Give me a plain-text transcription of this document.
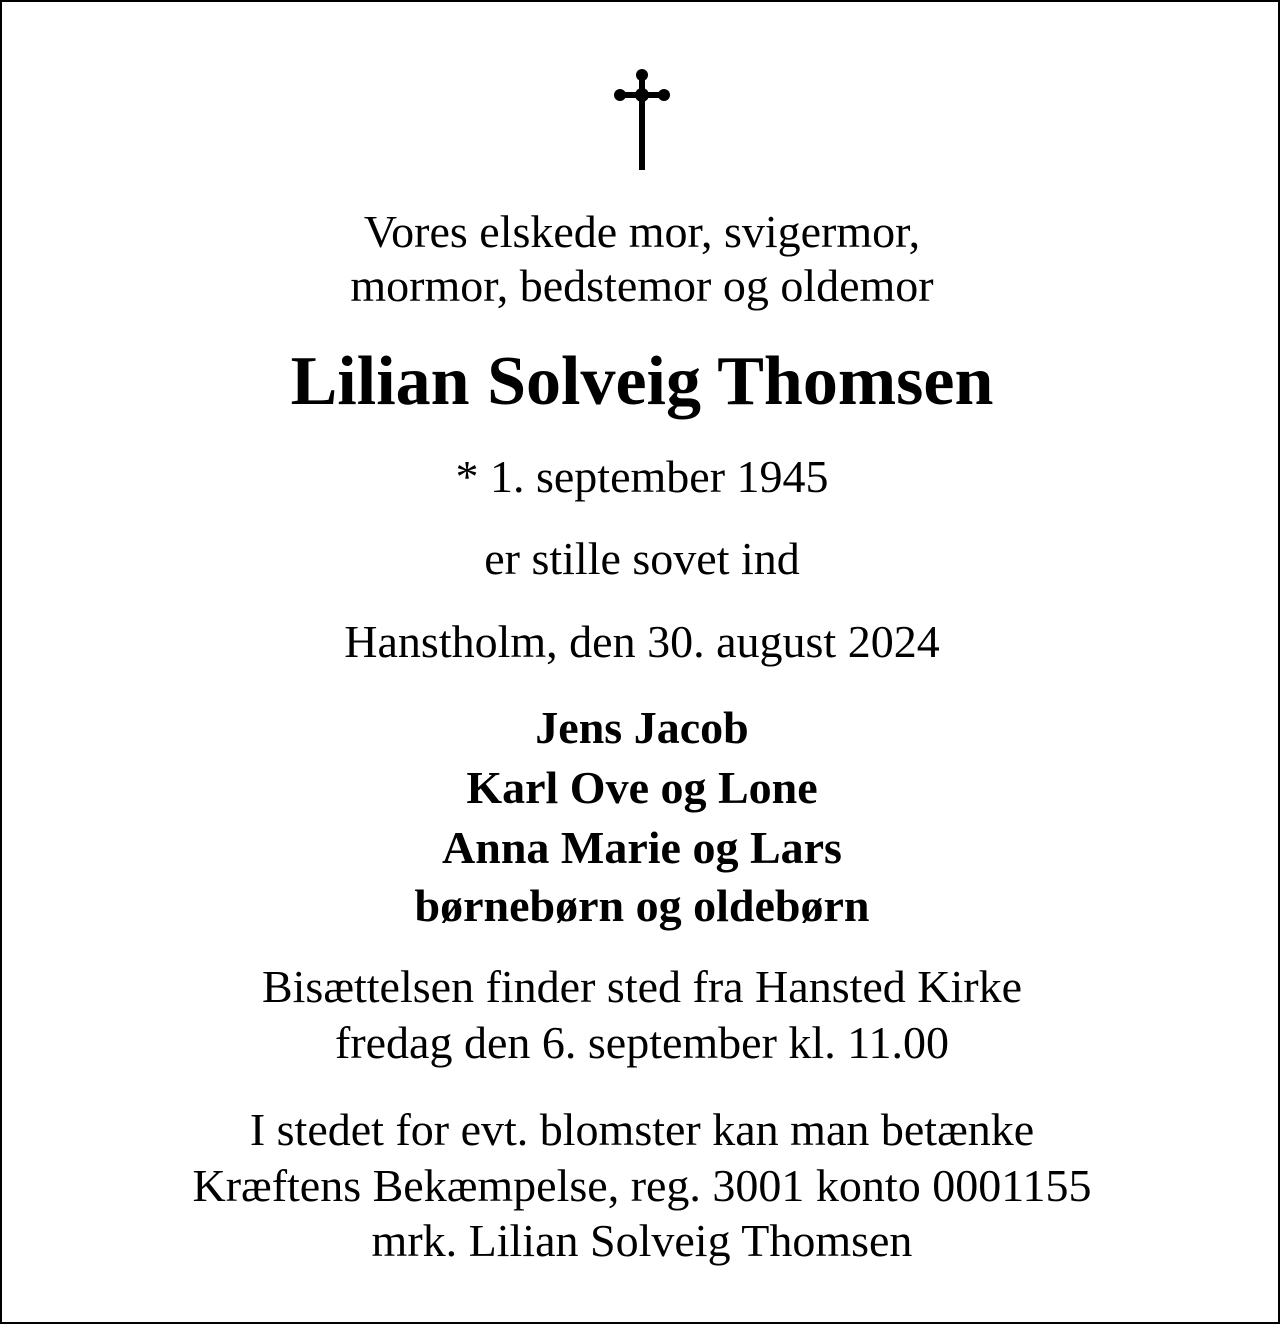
Vores elskede mor, svigermor,

mormor, bedstemor og oldemor

Lilian Solveig Thomsen

* 1. september 1945

er stille sovet ind

Hanstholm, den 30. august 2024

Jens Jacob

Karl Ove og Lone

Anna Marie og Lars

børnebørn og oldebørn

Bisættelsen finder sted fra Hansted Kirke

fredag den 6. september kl. 11.00

I stedet for evt. blomster kan man betænke

Kræftens Bekæmpelse, reg. 3001 konto 0001155

mrk. Lilian Solveig Thomsen
